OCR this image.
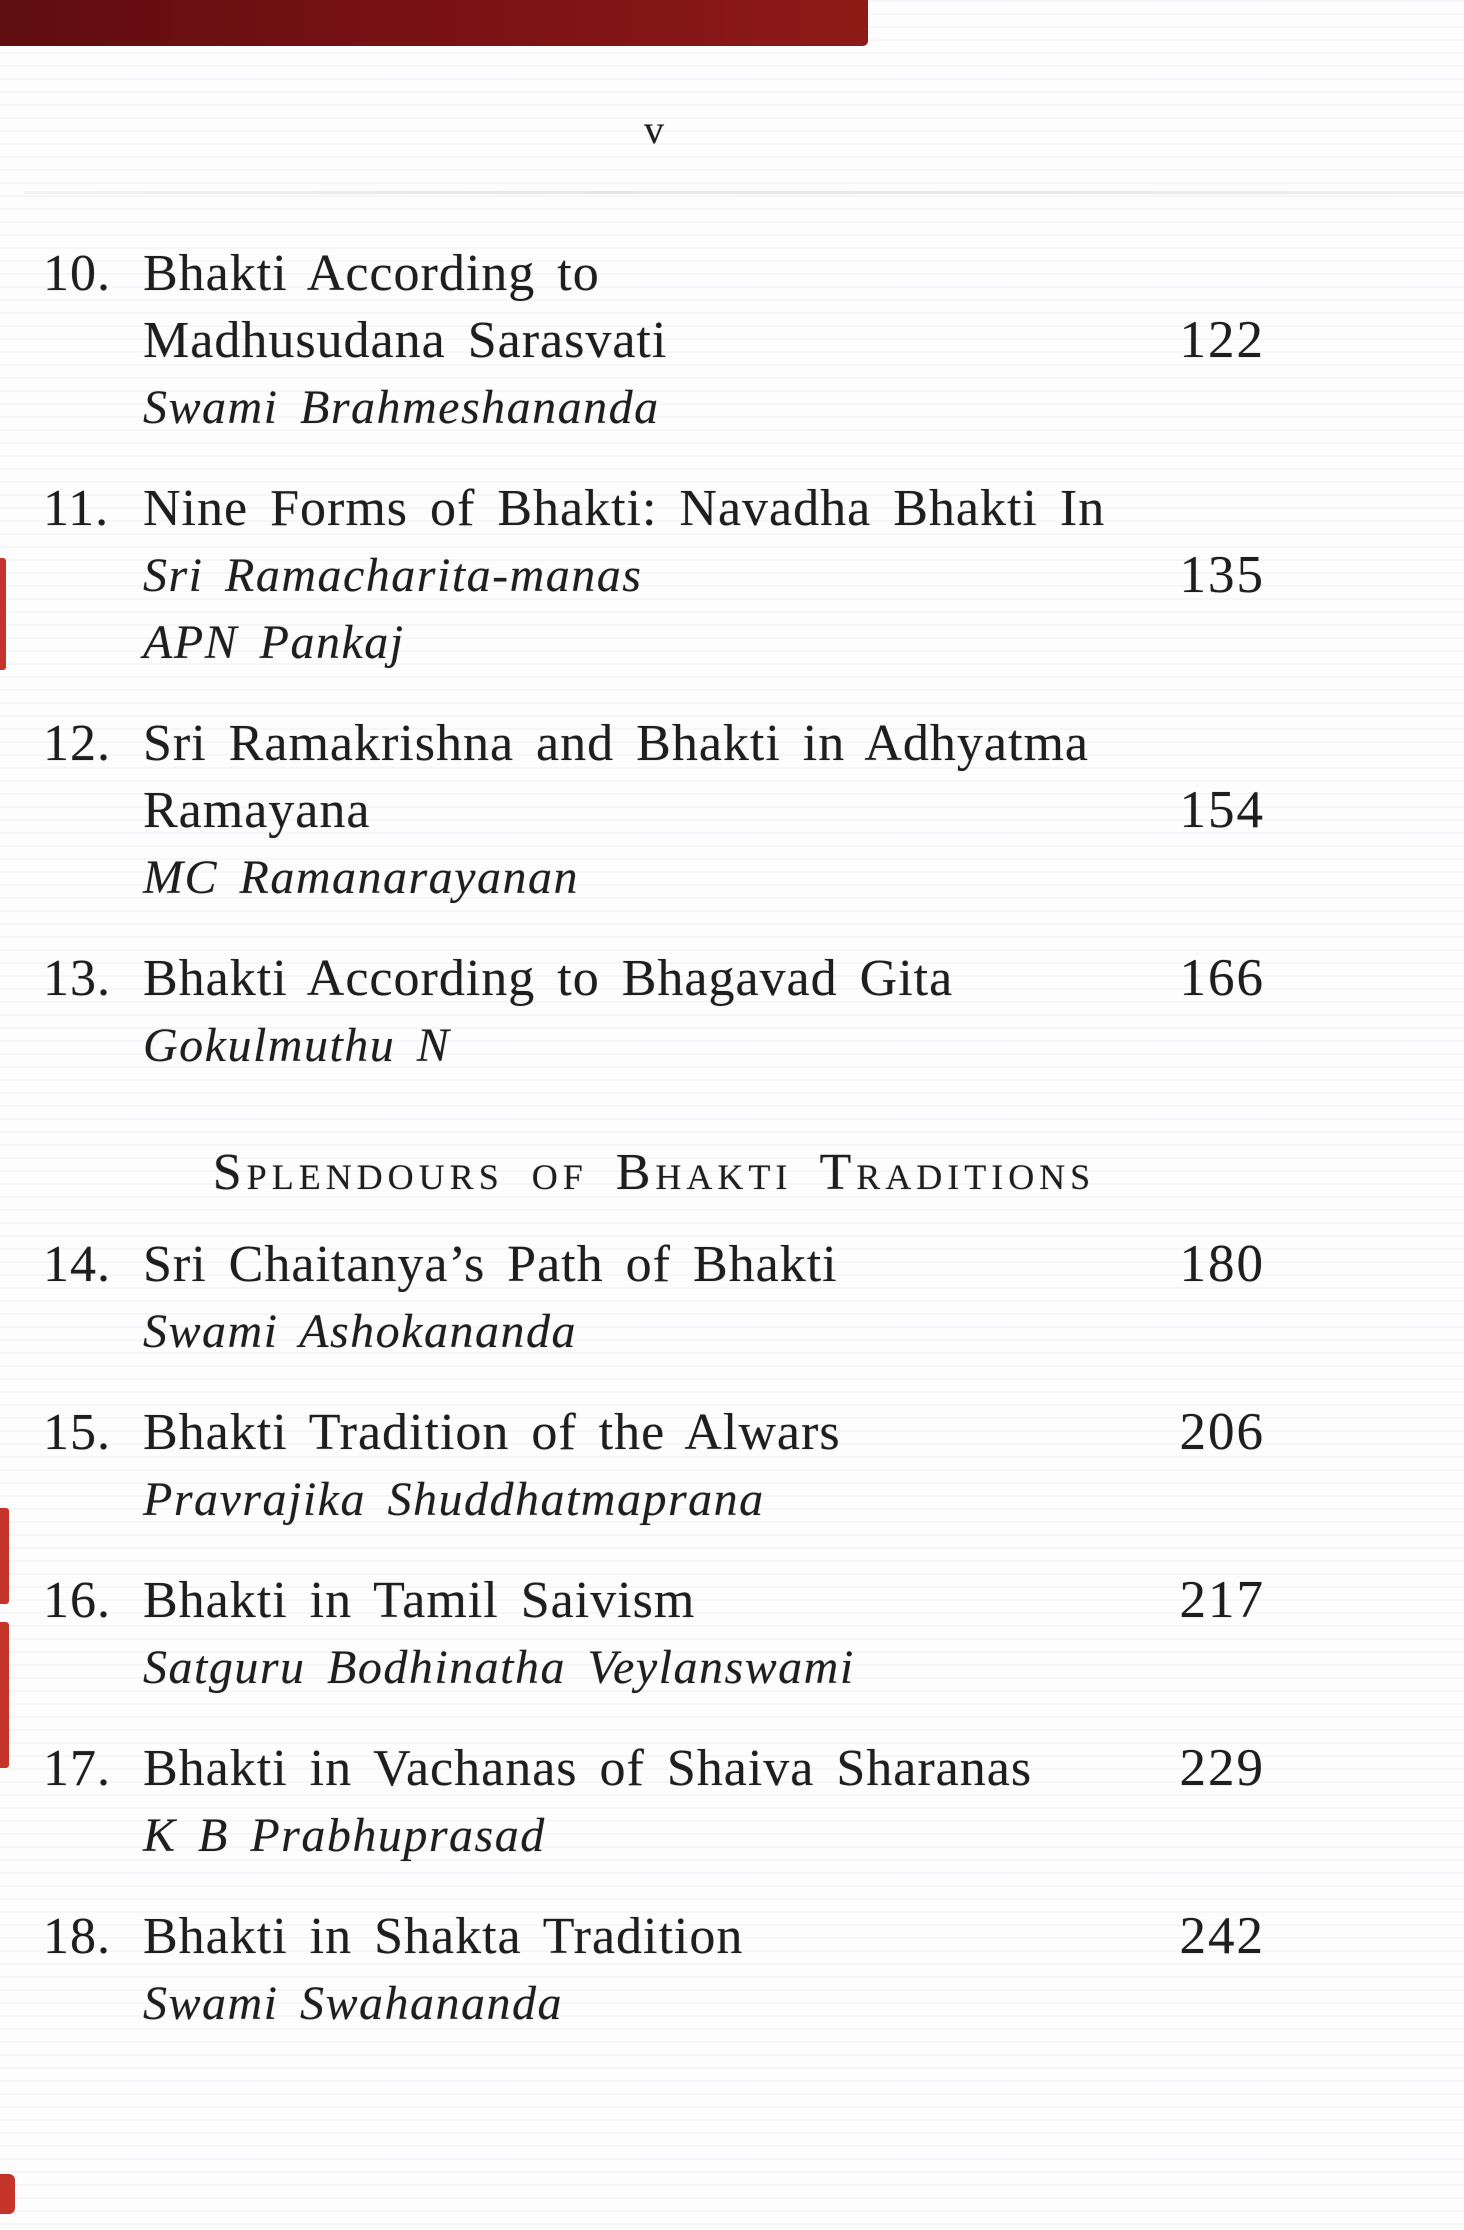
v
10. Bhakti According to
Madhusudana Sarasvati
Swami Brahmeshananda
122
11. Nine Forms of Bhakti: Navadha Bhakti In
Sri Ramacharita-manas
APN Pankaj
135
12. Sri Ramakrishna and Bhakti in Adhyatma
Ramayana
MC Ramanarayanan
154
13. Bhakti According to Bhagavad Gita
Gokulmuthu N
166
Splendours of Bhakti Traditions
14. Sri Chaitanya’s Path of Bhakti
Swami Ashokananda
180
15. Bhakti Tradition of the Alwars
Pravrajika Shuddhatmaprana
206
16. Bhakti in Tamil Saivism
Satguru Bodhinatha Veylanswami
217
17. Bhakti in Vachanas of Shaiva Sharanas
K B Prabhuprasad
229
18. Bhakti in Shakta Tradition
Swami Swahananda
242
